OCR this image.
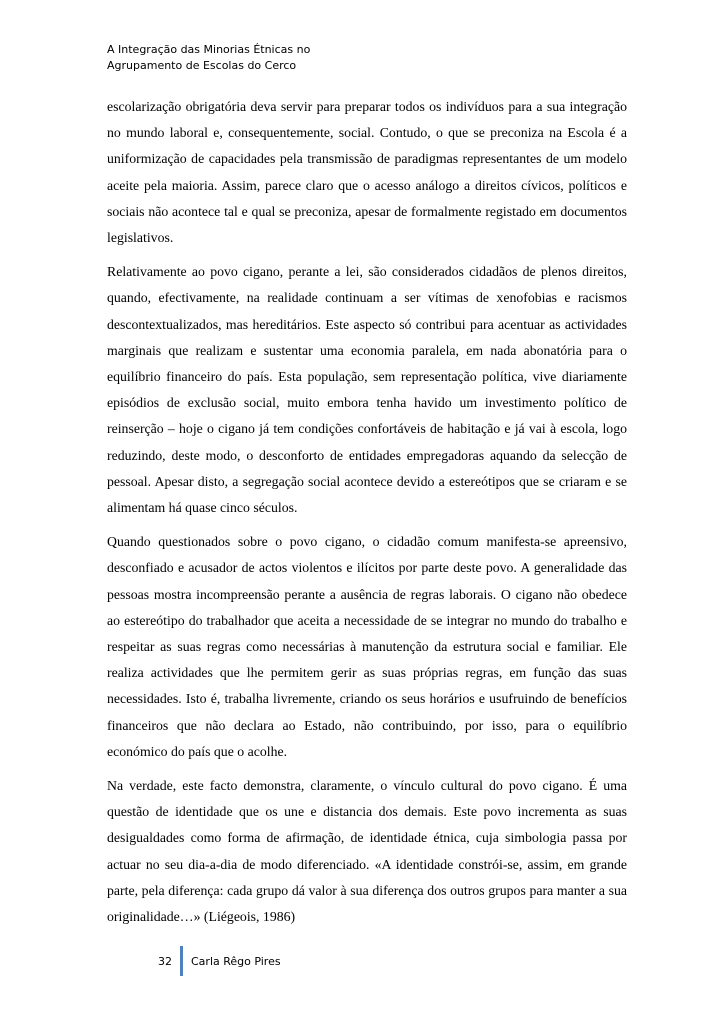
A Integração das Minorias Étnicas no
Agrupamento de Escolas do Cerco

escolarização obrigatória deva servir para preparar todos os indivíduos para a sua integração no mundo laboral e, consequentemente, social. Contudo, o que se preconiza na Escola é a uniformização de capacidades pela transmissão de paradigmas representantes de um modelo aceite pela maioria. Assim, parece claro que o acesso análogo a direitos cívicos, políticos e sociais não acontece tal e qual se preconiza, apesar de formalmente registado em documentos legislativos.

Relativamente ao povo cigano, perante a lei, são considerados cidadãos de plenos direitos, quando, efectivamente, na realidade continuam a ser vítimas de xenofobias e racismos descontextualizados, mas hereditários. Este aspecto só contribui para acentuar as actividades marginais que realizam e sustentar uma economia paralela, em nada abonatória para o equilíbrio financeiro do país. Esta população, sem representação política, vive diariamente episódios de exclusão social, muito embora tenha havido um investimento político de reinserção – hoje o cigano já tem condições confortáveis de habitação e já vai à escola, logo reduzindo, deste modo, o desconforto de entidades empregadoras aquando da selecção de pessoal. Apesar disto, a segregação social acontece devido a estereótipos que se criaram e se alimentam há quase cinco séculos.

Quando questionados sobre o povo cigano, o cidadão comum manifesta-se apreensivo, desconfiado e acusador de actos violentos e ilícitos por parte deste povo. A generalidade das pessoas mostra incompreensão perante a ausência de regras laborais. O cigano não obedece ao estereótipo do trabalhador que aceita a necessidade de se integrar no mundo do trabalho e respeitar as suas regras como necessárias à manutenção da estrutura social e familiar. Ele realiza actividades que lhe permitem gerir as suas próprias regras, em função das suas necessidades. Isto é, trabalha livremente, criando os seus horários e usufruindo de benefícios financeiros que não declara ao Estado, não contribuindo, por isso, para o equilíbrio económico do país que o acolhe.

Na verdade, este facto demonstra, claramente, o vínculo cultural do povo cigano. É uma questão de identidade que os une e distancia dos demais. Este povo incrementa as suas desigualdades como forma de afirmação, de identidade étnica, cuja simbologia passa por actuar no seu dia-a-dia de modo diferenciado. «A identidade constrói-se, assim, em grande parte, pela diferença: cada grupo dá valor à sua diferença dos outros grupos para manter a sua originalidade…» (Liégeois, 1986)

32 Carla Rêgo Pires
